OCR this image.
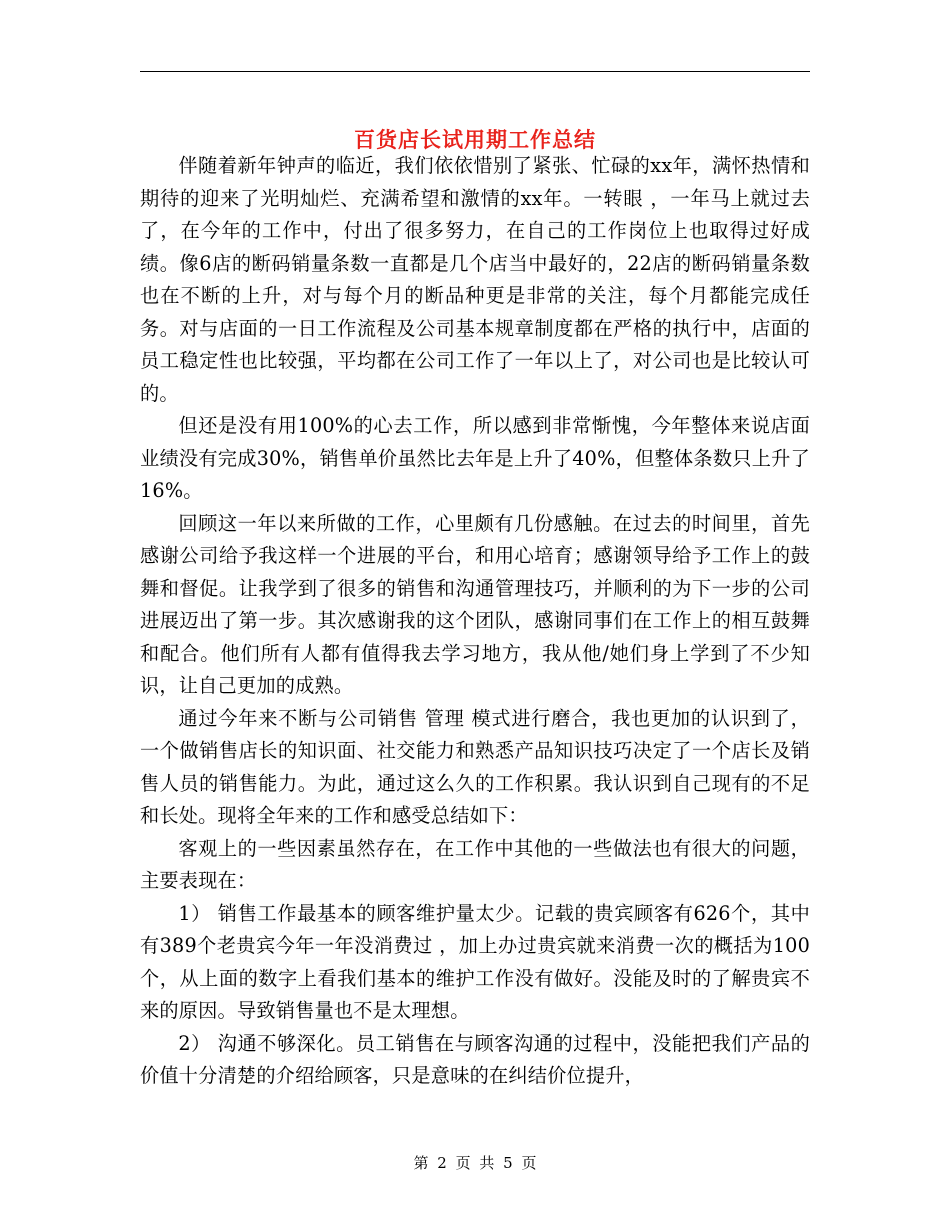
百货店长试用期工作总结

伴随着新年钟声的临近，我们依依惜别了紧张、忙碌的xx年，满怀热情和期待的迎来了光明灿烂、充满希望和激情的xx年。一转眼 ，一年马上就过去了，在今年的工作中，付出了很多努力，在自己的工作岗位上也取得过好成绩。像6店的断码销量条数一直都是几个店当中最好的，22店的断码销量条数也在不断的上升，对与每个月的断品种更是非常的关注，每个月都能完成任务。对与店面的一日工作流程及公司基本规章制度都在严格的执行中，店面的员工稳定性也比较强，平均都在公司工作了一年以上了，对公司也是比较认可的。

但还是没有用100%的心去工作，所以感到非常惭愧，今年整体来说店面业绩没有完成30%，销售单价虽然比去年是上升了40%，但整体条数只上升了16%。

回顾这一年以来所做的工作，心里颇有几份感触。在过去的时间里，首先感谢公司给予我这样一个进展的平台，和用心培育；感谢领导给予工作上的鼓舞和督促。让我学到了很多的销售和沟通管理技巧，并顺利的为下一步的公司进展迈出了第一步。其次感谢我的这个团队，感谢同事们在工作上的相互鼓舞和配合。他们所有人都有值得我去学习地方，我从他/她们身上学到了不少知识，让自己更加的成熟。

通过今年来不断与公司销售 管理 模式进行磨合，我也更加的认识到了，一个做销售店长的知识面、社交能力和熟悉产品知识技巧决定了一个店长及销售人员的销售能力。为此，通过这么久的工作积累。我认识到自己现有的不足和长处。现将全年来的工作和感受总结如下：

客观上的一些因素虽然存在，在工作中其他的一些做法也有很大的问题，主要表现在：

1） 销售工作最基本的顾客维护量太少。记载的贵宾顾客有626个，其中有389个老贵宾今年一年没消费过 ，加上办过贵宾就来消费一次的概括为100个，从上面的数字上看我们基本的维护工作没有做好。没能及时的了解贵宾不来的原因。导致销售量也不是太理想。

2） 沟通不够深化。员工销售在与顾客沟通的过程中，没能把我们产品的价值十分清楚的介绍给顾客，只是意味的在纠结价位提升，

第 2 页 共 5 页
